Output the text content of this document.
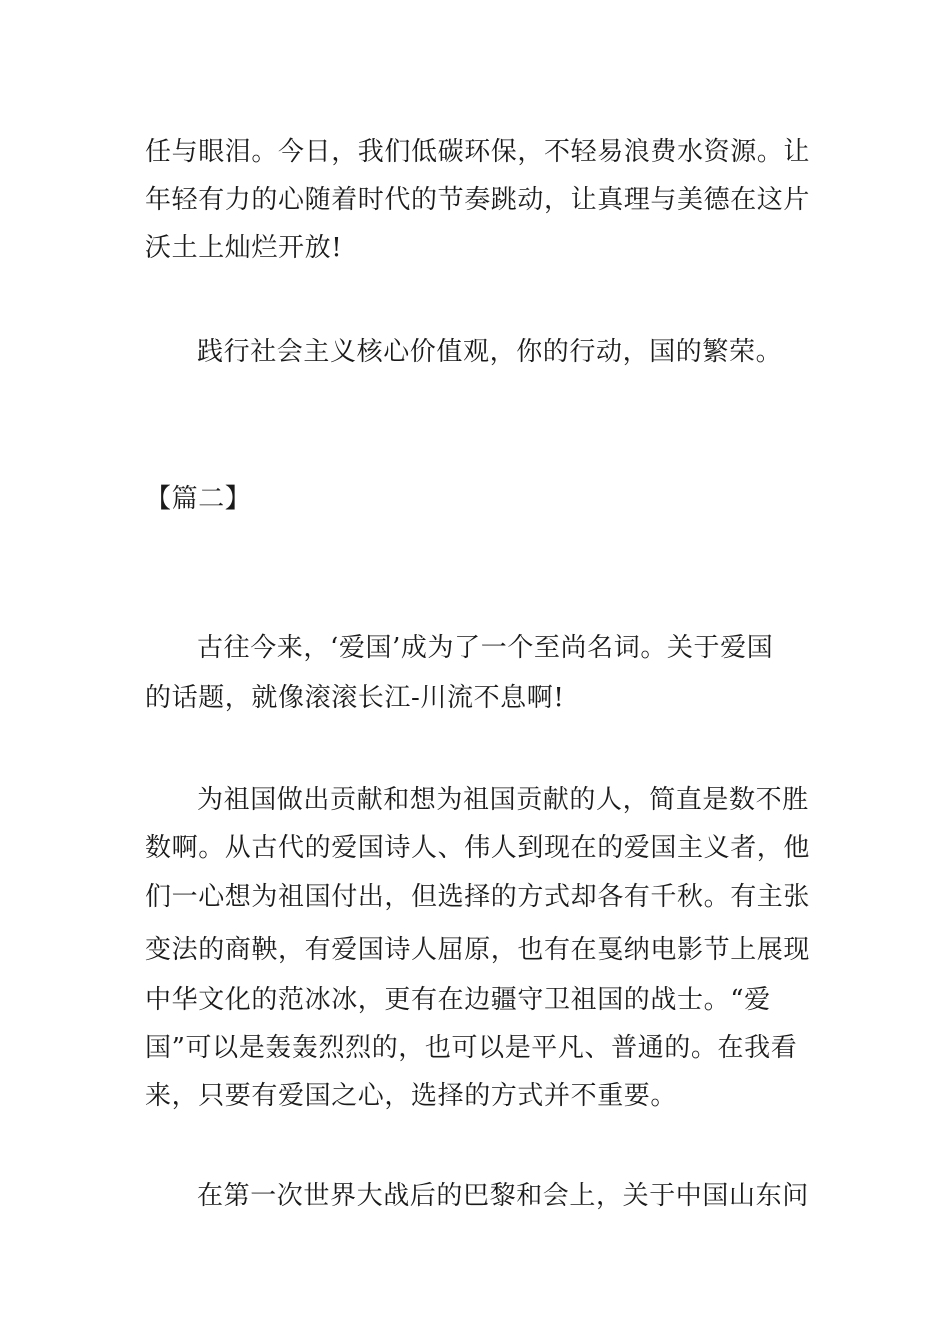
任与眼泪。今日，我们低碳环保，不轻易浪费水资源。让
年轻有力的心随着时代的节奏跳动，让真理与美德在这片
沃土上灿烂开放!
践行社会主义核心价值观，你的行动，国的繁荣。
【篇二】
古往今来，‘爱国’成为了一个至尚名词。关于爱国
的话题，就像滚滚长江-川流不息啊!
为祖国做出贡献和想为祖国贡献的人，简直是数不胜
数啊。从古代的爱国诗人、伟人到现在的爱国主义者，他
们一心想为祖国付出，但选择的方式却各有千秋。有主张
变法的商鞅，有爱国诗人屈原，也有在戛纳电影节上展现
中华文化的范冰冰，更有在边疆守卫祖国的战士。“爱
国”可以是轰轰烈烈的，也可以是平凡、普通的。在我看
来，只要有爱国之心，选择的方式并不重要。
在第一次世界大战后的巴黎和会上，关于中国山东问
